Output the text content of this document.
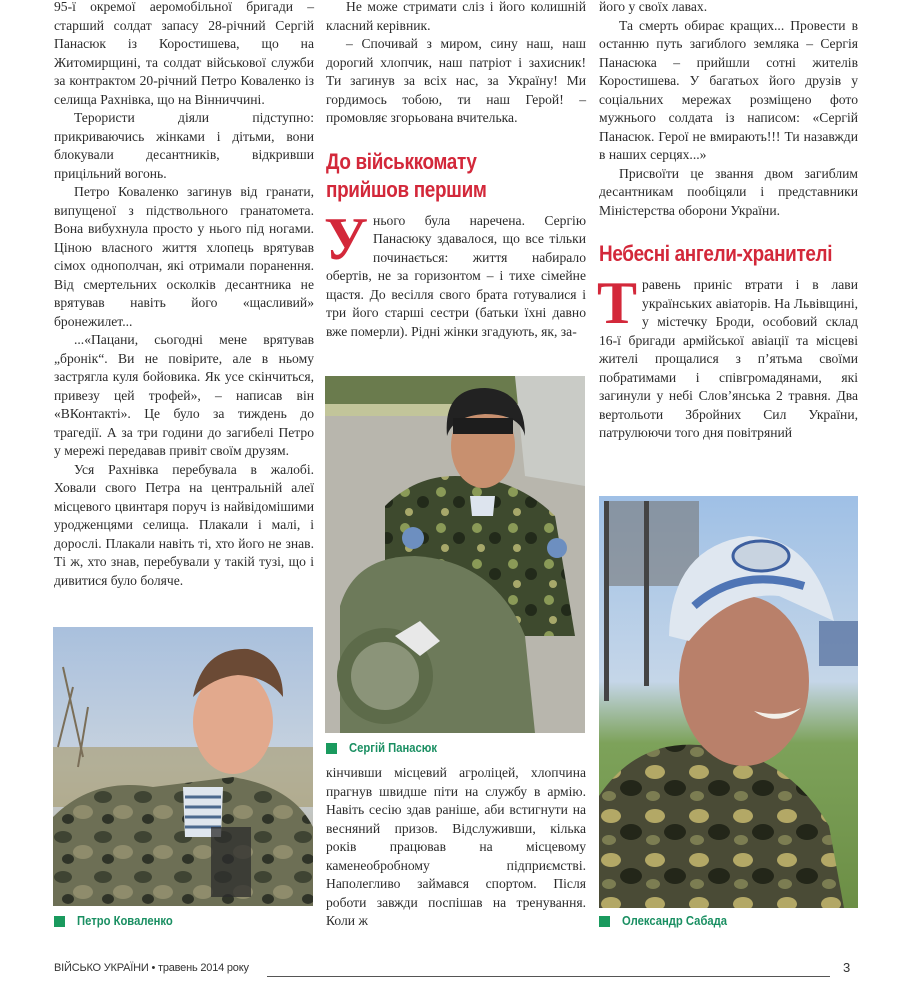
95-ї окремої аеромобільної бригади – старший солдат запасу 28-річний Сергій Панасюк із Коростишева, що на Житомирщині, та солдат військової служби за контрактом 20-річний Петро Коваленко із селища Рахнівка, що на Вінниччині.

Терористи діяли підступно: прикриваючись жінками і дітьми, вони блокували десантників, відкривши прицільний вогонь.

Петро Коваленко загинув від гранати, випущеної з підствольного гранатомета. Вона вибухнула просто у нього під ногами. Ціною власного життя хлопець врятував сімох однополчан, які отримали поранення. Від смертельних осколків десантника не врятував навіть його «щасливий» бронежилет...

...«Пацани, сьогодні мене врятував „бронік“. Ви не повірите, але в ньому застрягла куля бойовика. Як усе скінчиться, привезу цей трофей», – написав він «ВКонтакті». Це було за тиждень до трагедії. А за три години до загибелі Петро у мережі передавав привіт своїм друзям.

Уся Рахнівка перебувала в жалобі. Ховали свого Петра на центральній алеї місцевого цвинтаря поруч із найвідомішими уродженцями селища. Плакали і малі, і дорослі. Плакали навіть ті, хто його не знав. Ті ж, хто знав, перебували у такій тузі, що і дивитися було боляче.

Петро Коваленко

Не може стримати сліз і його колишній класний керівник.

– Спочивай з миром, сину наш, наш дорогий хлопчик, наш патріот і захисник! Ти загинув за всіх нас, за Україну! Ми гордимось тобою, ти наш Герой! – промовляє згорьована вчителька.

До військкомату
прийшов першим

У нього була наречена. Сергію Панасюку здавалося, що все тільки починається: життя набирало обертів, не за горизонтом – і тихе сімейне щастя. До весілля свого брата готувалися і три його старші сестри (батьки їхні давно вже померли). Рідні жінки згадують, як, за-

Сергій Панасюк

кінчивши місцевий агроліцей, хлопчина прагнув швидше піти на службу в армію. Навіть сесію здав раніше, аби встигнути на весняний призов. Відслуживши, кілька років працював на місцевому каменеобробному підприємстві. Наполегливо займався спортом. Після роботи завжди поспішав на тренування. Коли ж

його у своїх лавах.

Та смерть обирає кращих... Провести в останню путь загиблого земляка – Сергія Панасюка – прийшли сотні жителів Коростишева. У багатьох його друзів у соціальних мережах розміщено фото мужнього солдата із написом: «Сергій Панасюк. Герої не вмирають!!! Ти назавжди в наших серцях...»

Присвоїти це звання двом загиблим десантникам пообіцяли і представники Міністерства оборони України.

Небесні ангели-хранителі

Травень приніс втрати і в лави українських авіаторів. На Львівщині, у містечку Броди, особовий склад 16-ї бригади армійської авіації та місцеві жителі прощалися з п’ятьма своїми побратимами і співгромадянами, які загинули у небі Слов’янська 2 травня. Два вертольоти Збройних Сил України, патрулюючи того дня повітряний

Олександр Сабада
ВІЙСЬКО УКРАЇНИ • травень 2014 року	3
